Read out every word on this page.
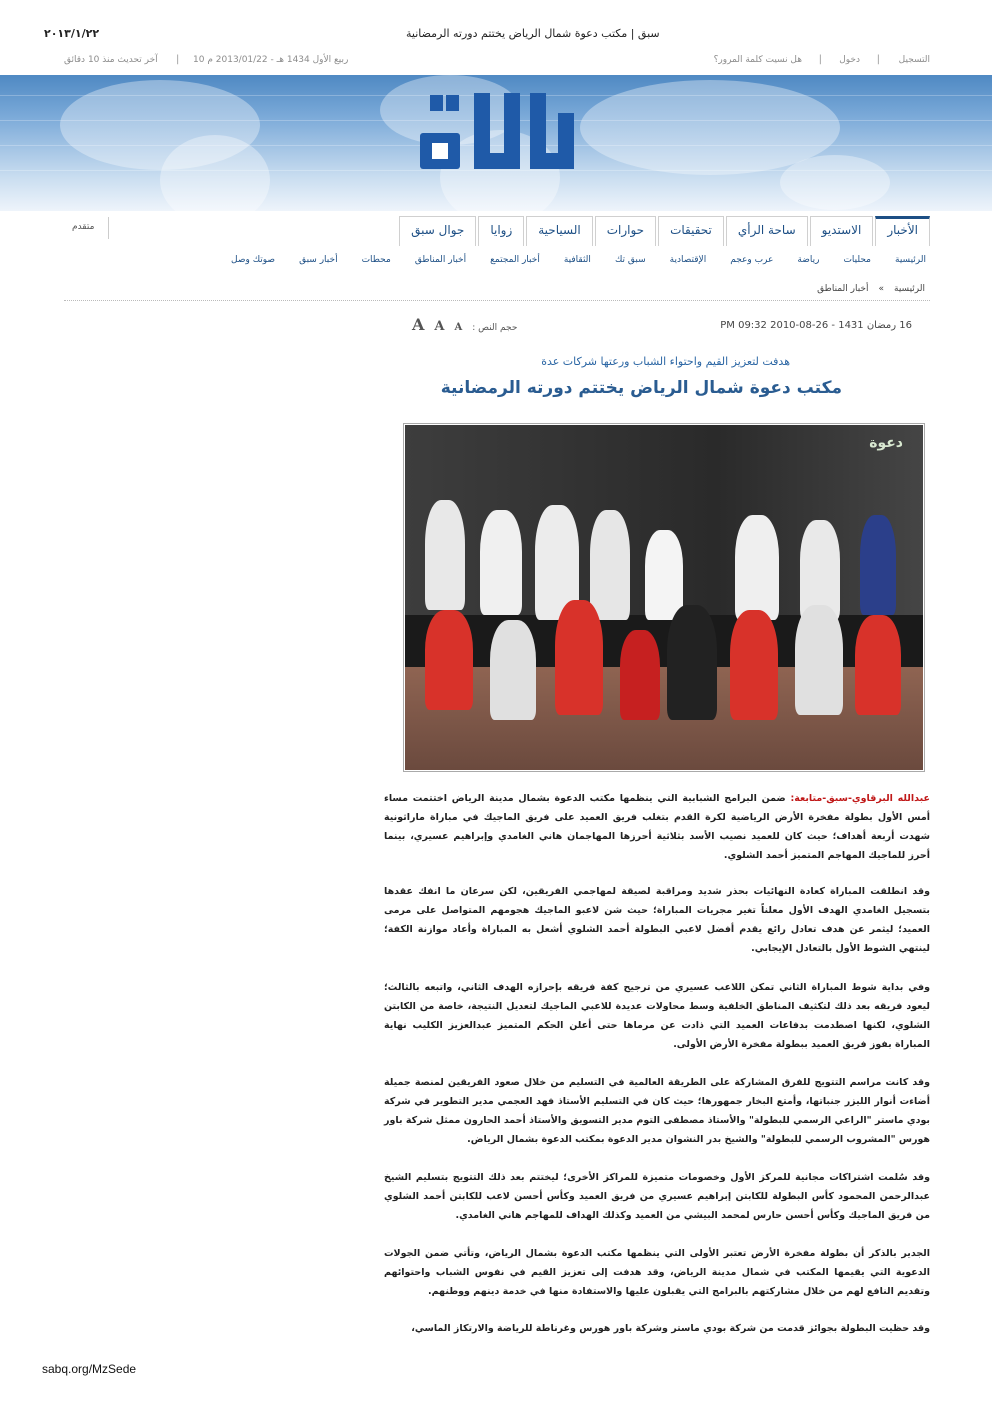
٢٠١٣/١/٢٢	سبق | مكتب دعوة شمال الرياض يختتم دورته الرمضانية
التسجيل
|
دخول
|
هل نسيت كلمة المرور؟
10 ربيع الأول 1434 هـ - 2013/01/22 م
|
آخر تحديث منذ 10 دقائق
الأخبار
الاستديو
ساحة الرأي
تحقيقات
حوارات
السياحية
زوايا
جوال سبق
متقدم
الرئيسية
محليات
رياضة
عرب وعجم
الإقتصادية
سبق تك
الثقافية
أخبار المجتمع
أخبار المناطق
محطات
أخبار سبق
صوتك وصل
الرئيسية»أخبار المناطق
16 رمضان 1431 - 26-08-2010 09:32 PM
حجم النص :
A
A
A
هدفت لتعزيز القيم واحتواء الشباب ورعتها شركات عدة
مكتب دعوة شمال الرياض يختتم دورته الرمضانية
دعوة
عبدالله البرقاوي-سبق-متابعة: ضمن البرامج الشبابية التي ينظمها مكتب الدعوة بشمال مدينة الرياض اختتمت مساء أمس الأول بطولة مفخرة الأرض الرياضية لكرة القدم بتغلب فريق العميد على فريق الماجيك في مباراة ماراثونية شهدت أربعة أهداف؛ حيث كان للعميد نصيب الأسد بثلاثية أحرزها المهاجمان هاني الغامدي وإبراهيم عسيري، بينما أحرز للماجيك المهاجم المتميز أحمد الشلوي.
وقد انطلقت المباراة كعادة النهائيات بحذر شديد ومراقبة لصيقة لمهاجمي الفريقين، لكن سرعان ما انفك عقدها بتسجيل الغامدي الهدف الأول معلناً تغير مجريات المباراة؛ حيث شن لاعبو الماجيك هجومهم المتواصل على مرمى العميد؛ ليثمر عن هدف تعادل رائع يقدم أفضل لاعبي البطولة أحمد الشلوي أشعل به المباراة وأعاد موازنة الكفة؛ لينتهي الشوط الأول بالتعادل الإيجابي.
وفي بداية شوط المباراة الثاني تمكن اللاعب عسيري من ترجيح كفة فريقه بإحرازه الهدف الثاني، واتبعه بالثالث؛ ليعود فريقه بعد ذلك لتكثيف المناطق الخلفية وسط محاولات عديدة للاعبي الماجيك لتعديل النتيجة، خاصة من الكابتن الشلوي، لكنها اصطدمت بدفاعات العميد التي ذادت عن مرماها حتى أعلن الحكم المتميز عبدالعزيز الكليب نهاية المباراة بفوز فريق العميد ببطولة مفخرة الأرض الأولى.
وقد كانت مراسم التتويج للفرق المشاركة على الطريقة العالمية في التسليم من خلال صعود الفريقين لمنصة جميلة أضاءت أنوار الليزر جنباتها، وأمتع البخار جمهورها؛ حيث كان في التسليم الأستاذ فهد العجمي مدير التطوير في شركة بودي ماستر "الراعي الرسمي للبطولة" والأستاذ مصطفى التوم مدير التسويق والأستاذ أحمد الحارون ممثل شركة باور هورس "المشروب الرسمي للبطولة" والشيخ بدر النشوان مدير الدعوة بمكتب الدعوة بشمال الرياض.
وقد سُلمت اشتراكات مجانية للمركز الأول وخصومات متميزة للمراكز الأخرى؛ ليختتم بعد ذلك التتويج بتسليم الشيخ عبدالرحمن المحمود كأس البطولة للكابتن إبراهيم عسيري من فريق العميد وكأس أحسن لاعب للكابتن أحمد الشلوي من فريق الماجيك وكأس أحسن حارس لمحمد البيشي من العميد وكذلك الهداف للمهاجم هاني الغامدي.
الجدير بالذكر أن بطولة مفخرة الأرض تعتبر الأولى التي ينظمها مكتب الدعوة بشمال الرياض، وتأتي ضمن الجولات الدعوية التي يقيمها المكتب في شمال مدينة الرياض، وقد هدفت إلى تعزيز القيم في نفوس الشباب واحتوائهم وتقديم النافع لهم من خلال مشاركتهم بالبرامج التي يقبلون عليها والاستفادة منها في خدمة دينهم ووطنهم.
وقد حظيت البطولة بجوائز قدمت من شركة بودي ماستر وشركة باور هورس وغرناطة للرياضة والارتكاز الماسي،
sabq.org/MzSede
